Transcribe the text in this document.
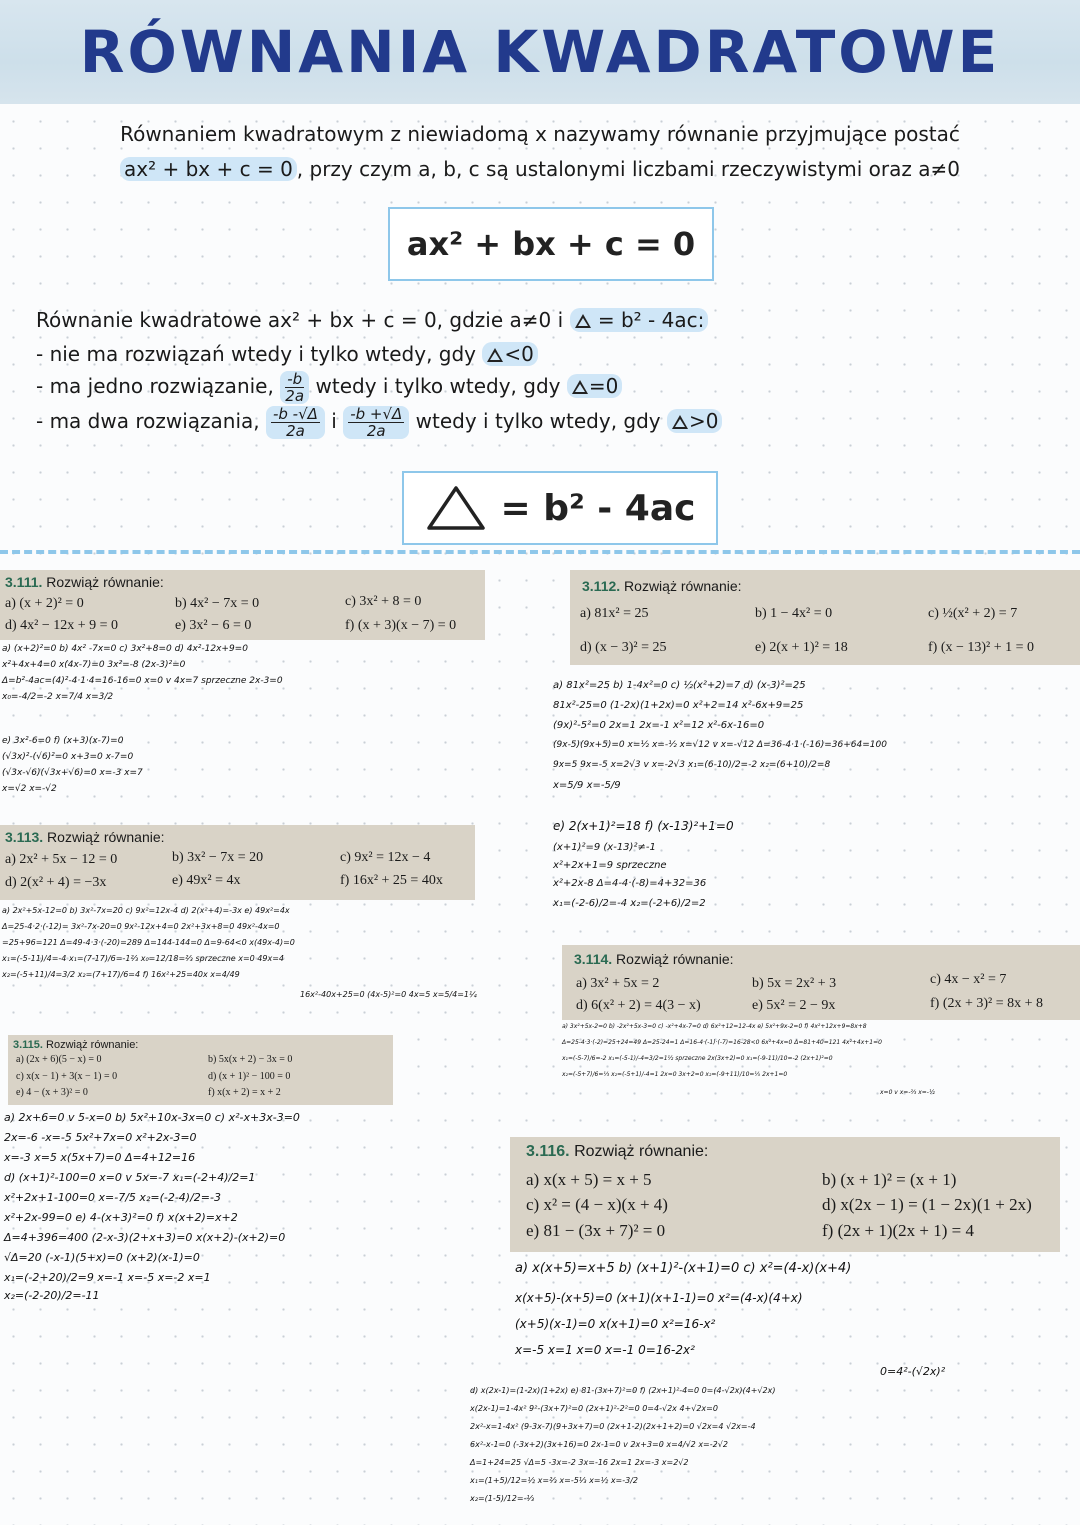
RÓWNANIA KWADRATOWE
Równaniem kwadratowym z niewiadomą x nazywamy równanie przyjmujące postać
ax² + bx + c = 0 , przy czym a, b, c są ustalonymi liczbami rzeczywistymi oraz a≠0
ax² + bx + c = 0
Równanie kwadratowe ax² + bx + c = 0, gdzie a≠0 i = b² - 4ac:
- nie ma rozwiązań wtedy i tylko wtedy, gdy <0
- ma jedno rozwiązanie, $\frac{-b}{2a}$ wtedy i tylko wtedy, gdy =0
- ma dwa rozwiązania, $\frac{-b -√\Delta}{2a}$ i $\frac{-b +√\Delta}{2a}$ wtedy i tylko wtedy, gdy >0
= b² - 4ac
3.111. Rozwiąż równanie:
a) (x + 2)² = 0	b) 4x² − 7x = 0	c) 3x² + 8 = 0
d) 4x² − 12x + 9 = 0	e) 3x² − 6 = 0	f) (x + 3)(x − 7) = 0
a) (x+2)²=0 b) 4x² -7x=0 c) 3x²+8=0 d) 4x²-12x+9=0
x²+4x+4=0 x(4x-7)=0 3x²=-8 (2x-3)²=0
Δ=b²-4ac=(4)²-4·1·4=16-16=0 x=0 v 4x=7 sprzeczne 2x-3=0
x₀=-4/2=-2 x=7/4 x=3/2
e) 3x²-6=0 f) (x+3)(x-7)=0
(√3x)²-(√6)²=0 x+3=0 x-7=0
(√3x-√6)(√3x+√6)=0 x=-3 x=7
x=√2 x=-√2
3.112. Rozwiąż równanie:
a) 81x² = 25	b) 1 − 4x² = 0	c) ½(x² + 2) = 7
d) (x − 3)² = 25	e) 2(x + 1)² = 18	f) (x − 13)² + 1 = 0
a) 81x²=25 b) 1-4x²=0 c) ½(x²+2)=7 d) (x-3)²=25
81x²-25=0 (1-2x)(1+2x)=0 x²+2=14 x²-6x+9=25
(9x)²-5²=0 2x=1 2x=-1 x²=12 x²-6x-16=0
(9x-5)(9x+5)=0 x=½ x=-½ x=√12 v x=-√12 Δ=36-4·1·(-16)=36+64=100
9x=5 9x=-5 x=2√3 v x=-2√3 x₁=(6-10)/2=-2 x₂=(6+10)/2=8
x=5/9 x=-5/9
e) 2(x+1)²=18 f) (x-13)²+1=0
(x+1)²=9 (x-13)²≠-1
x²+2x+1=9 sprzeczne
x²+2x-8 Δ=4-4·(-8)=4+32=36
x₁=(-2-6)/2=-4 x₂=(-2+6)/2=2
3.113. Rozwiąż równanie:
a) 2x² + 5x − 12 = 0	b) 3x² − 7x = 20	c) 9x² = 12x − 4
d) 2(x² + 4) = −3x	e) 49x² = 4x	f) 16x² + 25 = 40x
a) 2x²+5x-12=0 b) 3x²-7x=20 c) 9x²=12x-4 d) 2(x²+4)=-3x e) 49x²=4x
Δ=25-4·2·(-12)= 3x²-7x-20=0 9x²-12x+4=0 2x²+3x+8=0 49x²-4x=0
=25+96=121 Δ=49-4·3·(-20)=289 Δ=144-144=0 Δ=9-64<0 x(49x-4)=0
x₁=(-5-11)/4=-4 x₁=(7-17)/6=-1⅔ x₀=12/18=⅔ sprzeczne x=0 49x=4
x₂=(-5+11)/4=3/2 x₂=(7+17)/6=4 f) 16x²+25=40x x=4/49
16x²-40x+25=0 (4x-5)²=0 4x=5 x=5/4=1¼
3.114. Rozwiąż równanie:
a) 3x² + 5x = 2	b) 5x = 2x² + 3	c) 4x − x² = 7
d) 6(x² + 2) = 4(3 − x)	e) 5x² = 2 − 9x	f) (2x + 3)² = 8x + 8
a) 3x²+5x-2=0 b) -2x²+5x-3=0 c) -x²+4x-7=0 d) 6x²+12=12-4x e) 5x²+9x-2=0 f) 4x²+12x+9=8x+8
Δ=25-4·3·(-2)=25+24=49 Δ=25-24=1 Δ=16-4·(-1)·(-7)=16-28<0 6x²+4x=0 Δ=81+40=121 4x²+4x+1=0
x₁=(-5-7)/6=-2 x₁=(-5-1)/-4=3/2=1½ sprzeczne 2x(3x+2)=0 x₁=(-9-11)/10=-2 (2x+1)²=0
x₂=(-5+7)/6=⅓ x₂=(-5+1)/-4=1 2x=0 3x+2=0 x₂=(-9+11)/10=⅕ 2x+1=0
x=0 v x=-⅔ x=-½
3.115. Rozwiąż równanie:
a) (2x + 6)(5 − x) = 0	b) 5x(x + 2) − 3x = 0
c) x(x − 1) + 3(x − 1) = 0	d) (x + 1)² − 100 = 0
e) 4 − (x + 3)² = 0	f) x(x + 2) = x + 2
a) 2x+6=0 v 5-x=0 b) 5x²+10x-3x=0 c) x²-x+3x-3=0
2x=-6 -x=-5 5x²+7x=0 x²+2x-3=0
x=-3 x=5 x(5x+7)=0 Δ=4+12=16
d) (x+1)²-100=0 x=0 v 5x=-7 x₁=(-2+4)/2=1
x²+2x+1-100=0 x=-7/5 x₂=(-2-4)/2=-3
x²+2x-99=0 e) 4-(x+3)²=0 f) x(x+2)=x+2
Δ=4+396=400 (2-x-3)(2+x+3)=0 x(x+2)-(x+2)=0
√Δ=20 (-x-1)(5+x)=0 (x+2)(x-1)=0
x₁=(-2+20)/2=9 x=-1 x=-5 x=-2 x=1
x₂=(-2-20)/2=-11
3.116. Rozwiąż równanie:
a) x(x + 5) = x + 5	b) (x + 1)² = (x + 1)
c) x² = (4 − x)(x + 4)	d) x(2x − 1) = (1 − 2x)(1 + 2x)
e) 81 − (3x + 7)² = 0	f) (2x + 1)(2x + 1) = 4
a) x(x+5)=x+5 b) (x+1)²-(x+1)=0 c) x²=(4-x)(x+4)
x(x+5)-(x+5)=0 (x+1)(x+1-1)=0 x²=(4-x)(4+x)
(x+5)(x-1)=0 x(x+1)=0 x²=16-x²
x=-5 x=1 x=0 x=-1 0=16-2x²
0=4²-(√2x)²
d) x(2x-1)=(1-2x)(1+2x) e) 81-(3x+7)²=0 f) (2x+1)²-4=0 0=(4-√2x)(4+√2x)
x(2x-1)=1-4x² 9²-(3x+7)²=0 (2x+1)²-2²=0 0=4-√2x 4+√2x=0
2x²-x=1-4x² (9-3x-7)(9+3x+7)=0 (2x+1-2)(2x+1+2)=0 √2x=4 √2x=-4
6x²-x-1=0 (-3x+2)(3x+16)=0 2x-1=0 v 2x+3=0 x=4/√2 x=-2√2
Δ=1+24=25 √Δ=5 -3x=-2 3x=-16 2x=1 2x=-3 x=2√2
x₁=(1+5)/12=½ x=⅔ x=-5⅓ x=½ x=-3/2
x₂=(1-5)/12=-⅓
